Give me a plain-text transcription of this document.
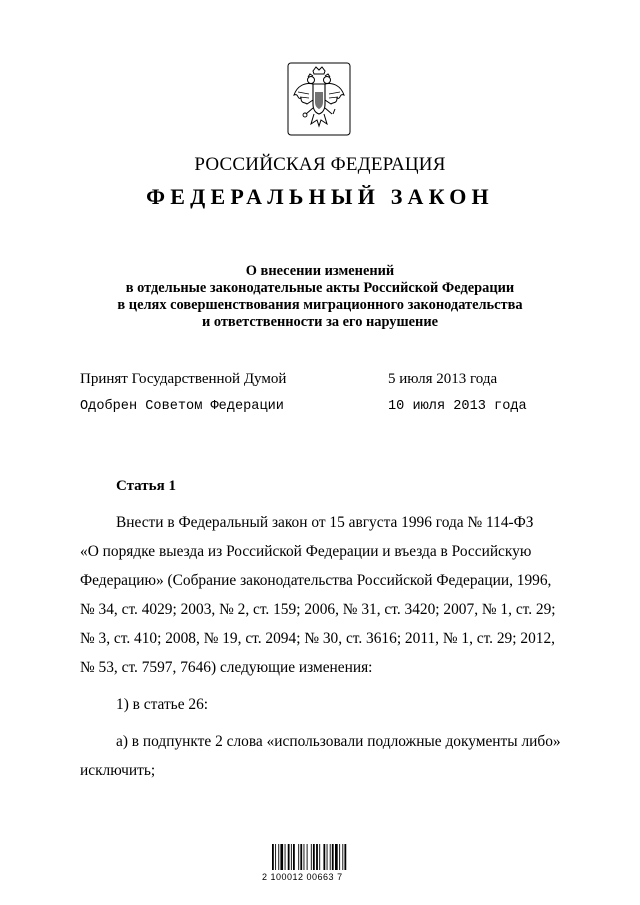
РОССИЙСКАЯ ФЕДЕРАЦИЯ
ФЕДЕРАЛЬНЫЙ ЗАКОН
О внесении изменений
в отдельные законодательные акты Российской Федерации
в целях совершенствования миграционного законодательства
и ответственности за его нарушение
Принят Государственной Думой	5 июля 2013 года
Одобрен Советом Федерации	10 июля 2013 года
Статья 1

Внести в Федеральный закон от 15 августа 1996 года № 114-ФЗ

«О порядке выезда из Российской Федерации и въезда в Российскую

Федерацию» (Собрание законодательства Российской Федерации, 1996,

№ 34, ст. 4029; 2003, № 2, ст. 159; 2006, № 31, ст. 3420; 2007, № 1, ст. 29;

№ 3, ст. 410; 2008, № 19, ст. 2094; № 30, ст. 3616; 2011, № 1, ст. 29; 2012,

№ 53, ст. 7597, 7646) следующие изменения:

1) в статье 26:

а) в подпункте 2 слова «использовали подложные документы либо»

исключить;

2 100012 00663 7
